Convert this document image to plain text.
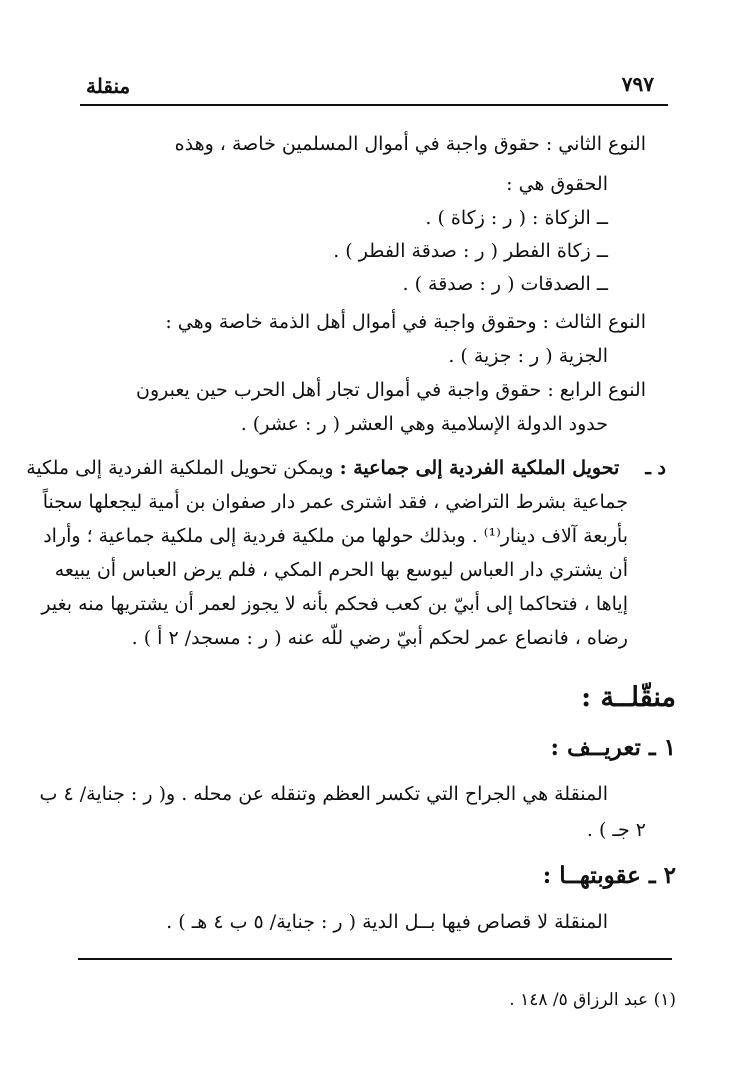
منقلة	٧٩٧
النوع الثاني : حقوق واجبة في أموال المسلمين خاصة ، وهذه
الحقوق هي :
ــ الزكاة : ( ر : زكاة ) .
ــ زكاة الفطر ( ر : صدقة الفطر ) .
ــ الصدقات ( ر : صدقة ) .
النوع الثالث : وحقوق واجبة في أموال أهل الذمة خاصة وهي :
الجزية ( ر : جزية ) .
النوع الرابع : حقوق واجبة في أموال تجار أهل الحرب حين يعبرون
حدود الدولة الإسلامية وهي العشر ( ر : عشر) .
د ـ  تحويل الملكية الفردية إلى جماعية : ويمكن تحويل الملكية الفردية إلى ملكية
جماعية بشرط التراضي ، فقد اشترى عمر دار صفوان بن أمية ليجعلها سجناً
بأربعة آلاف دينار⁽¹⁾ . وبذلك حولها من ملكية فردية إلى ملكية جماعية ؛ وأراد
أن يشتري دار العباس ليوسع بها الحرم المكي ، فلم يرض العباس أن يبيعه
إياها ، فتحاكما إلى أبيّ بن كعب فحكم بأنه لا يجوز لعمر أن يشتريها منه بغير
رضاه ، فانصاع عمر لحكم أبيّ رضي للّه عنه ( ر : مسجد/ ٢ أ ) .
منقّلــة :
١ ـ تعريــف :
المنقلة هي الجراح التي تكسر العظم وتنقله عن محله . و( ر : جناية/ ٤ ب
٢ جـ ) .
٢ ـ عقوبتهــا :
المنقلة لا قصاص فيها بــل الدية ( ر : جناية/ ٥ ب ٤ هـ ) .
(١) عبد الرزاق ٥/ ١٤٨ .
